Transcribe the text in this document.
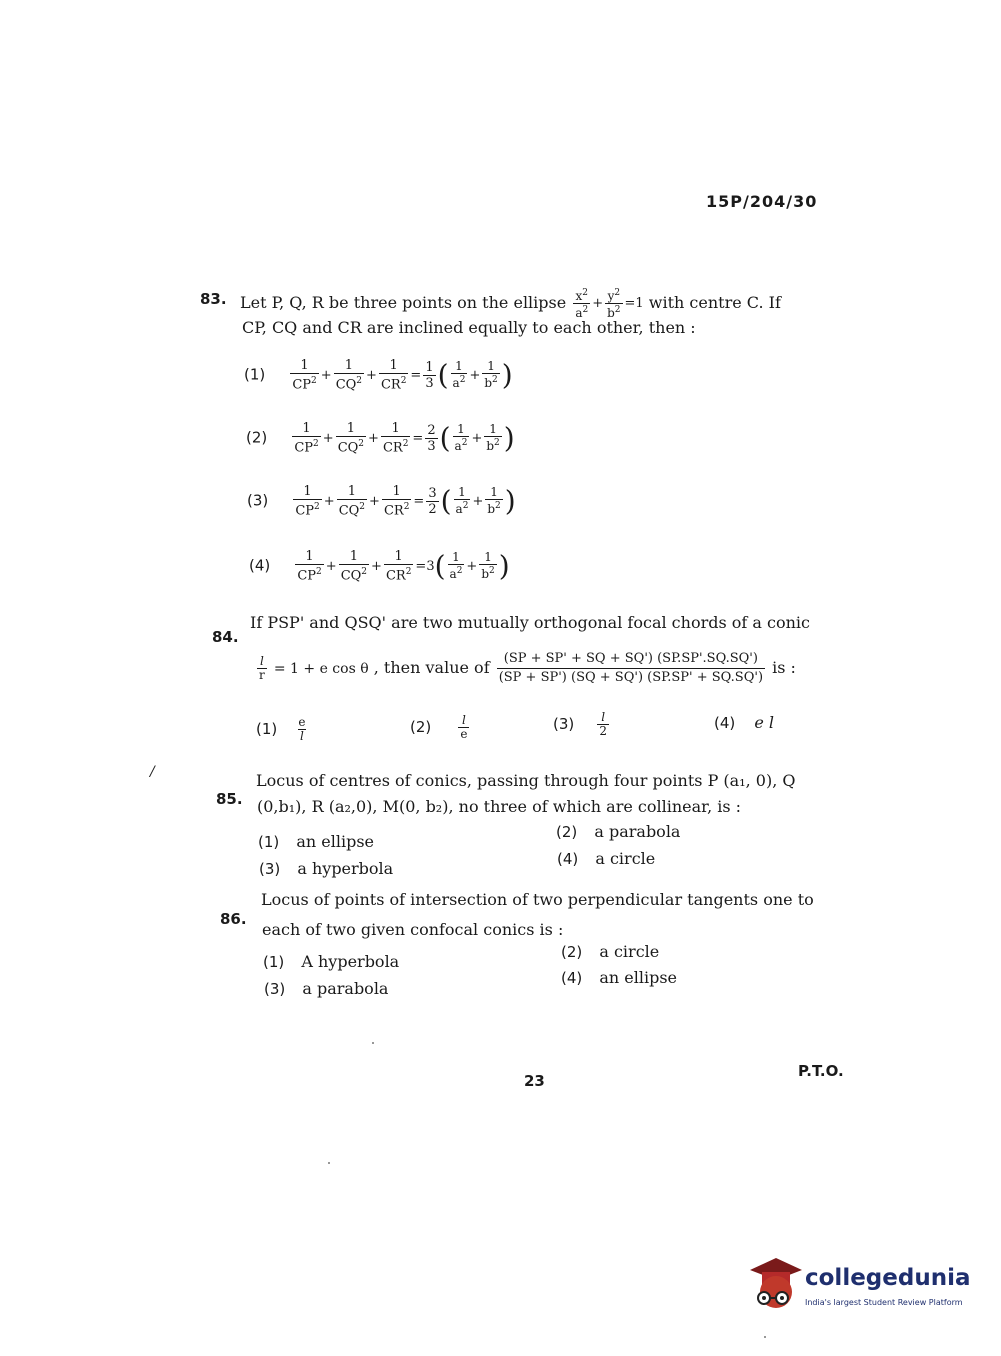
15P/204/30
83. Let P, Q, R be three points on the ellipse $\frac{x^2}{a^2} + \frac{y^2}{b^2} =1$ with centre C. If
CP, CQ and CR are inclined equally to each other, then :
$(1) \frac{1}{CP^2} + \frac{1}{CQ^2} + \frac{1}{CR^2} = \frac{1}{3}$ ( $\frac{1}{a^2} + \frac{1}{b^2}$ )
$(2) \frac{1}{CP^2} + \frac{1}{CQ^2} + \frac{1}{CR^2} = \frac{2}{3}$ ( $\frac{1}{a^2} + \frac{1}{b^2}$ )
$(3) \frac{1}{CP^2} + \frac{1}{CQ^2} + \frac{1}{CR^2} = \frac{3}{2}$ ( $\frac{1}{a^2} + \frac{1}{b^2}$ )
$(4) \frac{1}{CP^2} + \frac{1}{CQ^2} + \frac{1}{CR^2} =3( \frac{1}{a^2} + \frac{1}{b^2}$ )
84.
If PSP' and QSQ' are two mutually orthogonal focal chords of a conic
$\frac{l}{r} = 1 + e$ cos θ , then value of $\frac{(SP + SP' + SQ + SQ') (SP.SP'.SQ.SQ')}{(SP + SP') (SQ + SQ') (SP.SP' + SQ.SQ')}$ is :
$(1) \frac{e}{l}$	$(2) \frac{l}{e}$	$(3) \frac{l}{2}$	(4) e l
/
85.
Locus of centres of conics, passing through four points P (a₁, 0), Q
(0,b₁), R (a₂,0), M(0, b₂), no three of which are collinear, is :
(1) an ellipse	(2) a parabola
(3) a hyperbola	(4) a circle
86.
Locus of points of intersection of two perpendicular tangents one to
each of two given confocal conics is :
(1) A hyperbola	(2) a circle
(3) a parabola
(4) an ellipse
23
P.T.O.
collegedunia
India's largest Student Review Platform
